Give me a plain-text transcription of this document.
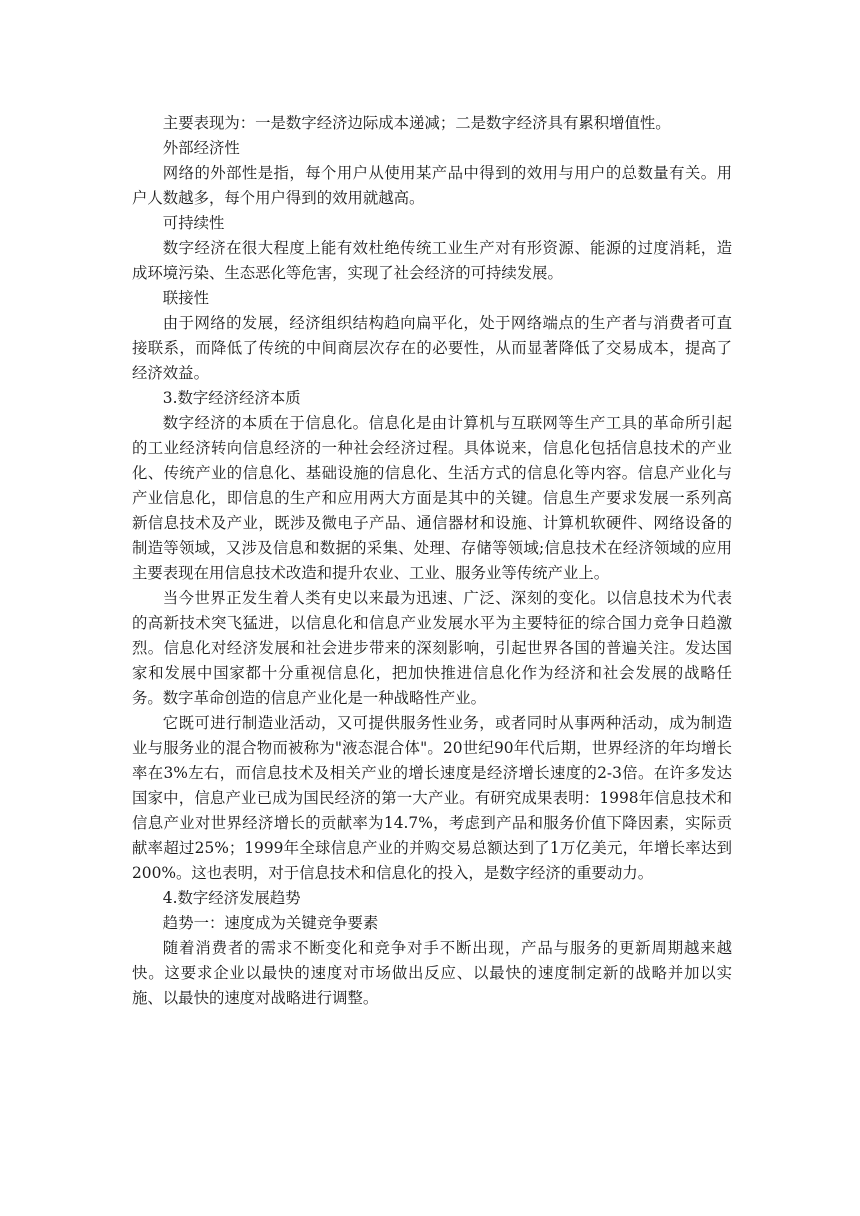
主要表现为：一是数字经济边际成本递减；二是数字经济具有累积增值性。

外部经济性

网络的外部性是指，每个用户从使用某产品中得到的效用与用户的总数量有关。用户人数越多，每个用户得到的效用就越高。

可持续性

数字经济在很大程度上能有效杜绝传统工业生产对有形资源、能源的过度消耗，造成环境污染、生态恶化等危害，实现了社会经济的可持续发展。

联接性

由于网络的发展，经济组织结构趋向扁平化，处于网络端点的生产者与消费者可直接联系，而降低了传统的中间商层次存在的必要性，从而显著降低了交易成本，提高了经济效益。

3.数字经济经济本质

数字经济的本质在于信息化。信息化是由计算机与互联网等生产工具的革命所引起的工业经济转向信息经济的一种社会经济过程。具体说来，信息化包括信息技术的产业化、传统产业的信息化、基础设施的信息化、生活方式的信息化等内容。信息产业化与产业信息化，即信息的生产和应用两大方面是其中的关键。信息生产要求发展一系列高新信息技术及产业，既涉及微电子产品、通信器材和设施、计算机软硬件、网络设备的制造等领域，又涉及信息和数据的采集、处理、存储等领域;信息技术在经济领域的应用主要表现在用信息技术改造和提升农业、工业、服务业等传统产业上。

当今世界正发生着人类有史以来最为迅速、广泛、深刻的变化。以信息技术为代表的高新技术突飞猛进，以信息化和信息产业发展水平为主要特征的综合国力竞争日趋激烈。信息化对经济发展和社会进步带来的深刻影响，引起世界各国的普遍关注。发达国家和发展中国家都十分重视信息化，把加快推进信息化作为经济和社会发展的战略任务。数字革命创造的信息产业化是一种战略性产业。

它既可进行制造业活动，又可提供服务性业务，或者同时从事两种活动，成为制造业与服务业的混合物而被称为"液态混合体"。20世纪90年代后期，世界经济的年均增长率在3%左右，而信息技术及相关产业的增长速度是经济增长速度的2-3倍。在许多发达国家中，信息产业已成为国民经济的第一大产业。有研究成果表明：1998年信息技术和信息产业对世界经济增长的贡献率为14.7%，考虑到产品和服务价值下降因素，实际贡献率超过25%；1999年全球信息产业的并购交易总额达到了1万亿美元，年增长率达到200%。这也表明，对于信息技术和信息化的投入，是数字经济的重要动力。

4.数字经济发展趋势

趋势一：速度成为关键竞争要素

随着消费者的需求不断变化和竞争对手不断出现，产品与服务的更新周期越来越快。这要求企业以最快的速度对市场做出反应、以最快的速度制定新的战略并加以实施、以最快的速度对战略进行调整。
